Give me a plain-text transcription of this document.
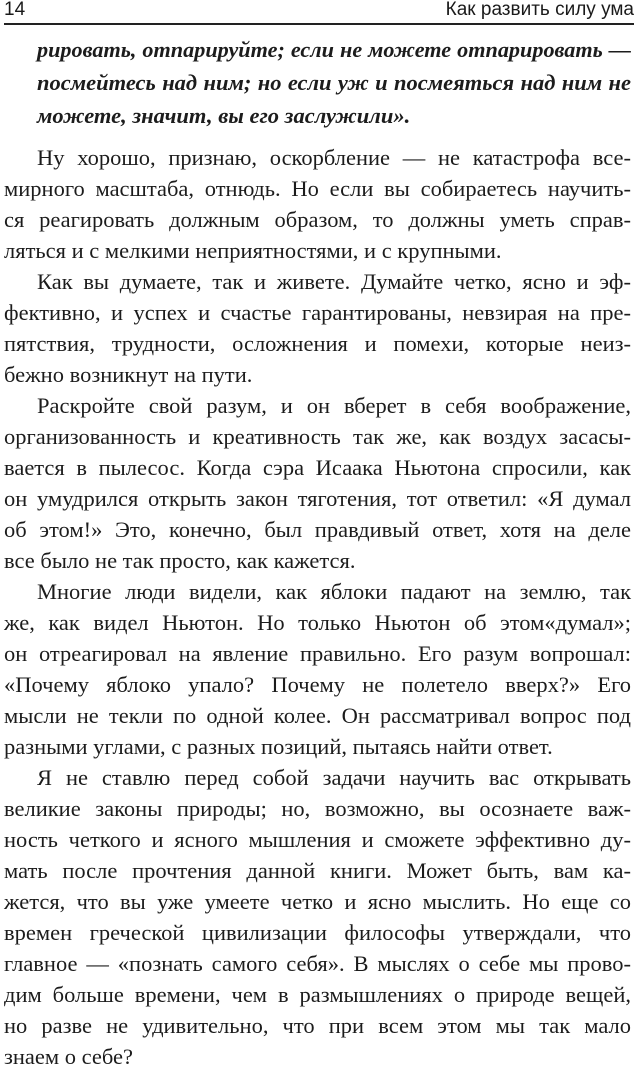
14	Как развить силу ума
рировать, отпарируйте; если не можете отпарировать —
посмейтесь над ним; но если уж и посмеяться над ним не
можете, значит, вы его заслужили».
Ну хорошо, признаю, оскорбление — не катастрофа все-
мирного масштаба, отнюдь. Но если вы собираетесь научить-
ся реагировать должным образом, то должны уметь справ-
ляться и с мелкими неприятностями, и с крупными.
Как вы думаете, так и живете. Думайте четко, ясно и эф-
фективно, и успех и счастье гарантированы, невзирая на пре-
пятствия, трудности, осложнения и помехи, которые неиз-
бежно возникнут на пути.
Раскройте свой разум, и он вберет в себя воображение,
организованность и креативность так же, как воздух засасы-
вается в пылесос. Когда сэра Исаака Ньютона спросили, как
он умудрился открыть закон тяготения, тот ответил: «Я думал
об этом!» Это, конечно, был правдивый ответ, хотя на деле
все было не так просто, как кажется.
Многие люди видели, как яблоки падают на землю, так
же, как видел Ньютон. Но только Ньютон об этом«думал»;
он отреагировал на явление правильно. Его разум вопрошал:
«Почему яблоко упало? Почему не полетело вверх?» Его
мысли не текли по одной колее. Он рассматривал вопрос под
разными углами, с разных позиций, пытаясь найти ответ.
Я не ставлю перед собой задачи научить вас открывать
великие законы природы; но, возможно, вы осознаете важ-
ность четкого и ясного мышления и сможете эффективно ду-
мать после прочтения данной книги. Может быть, вам ка-
жется, что вы уже умеете четко и ясно мыслить. Но еще со
времен греческой цивилизации философы утверждали, что
главное — «познать самого себя». В мыслях о себе мы прово-
дим больше времени, чем в размышлениях о природе вещей,
но разве не удивительно, что при всем этом мы так мало
знаем о себе?
